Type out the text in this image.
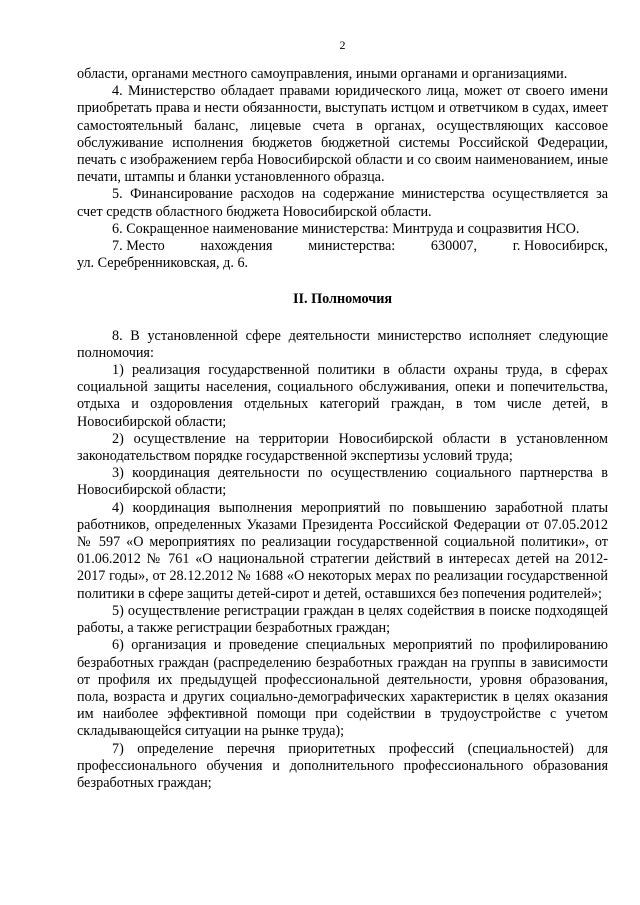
2

области, органами местного самоуправления, иными органами и организациями.

4. Министерство обладает правами юридического лица, может от своего имени приобретать права и нести обязанности, выступать истцом и ответчиком в судах, имеет самостоятельный баланс, лицевые счета в органах, осуществляющих кассовое обслуживание исполнения бюджетов бюджетной системы Российской Федерации, печать с изображением герба Новосибирской области и со своим наименованием, иные печати, штампы и бланки установленного образца.

5. Финансирование расходов на содержание министерства осуществляется за счет средств областного бюджета Новосибирской области.

6. Сокращенное наименование министерства: Минтруда и соцразвития НСО.

7. Место	нахождения	министерства:	630007,	г. Новосибирск,

ул. Серебренниковская, д. 6.

II. Полномочия

8. В установленной сфере деятельности министерство исполняет следующие полномочия:

1) реализация государственной политики в области охраны труда, в сферах социальной защиты населения, социального обслуживания, опеки и попечительства, отдыха и оздоровления отдельных категорий граждан, в том числе детей, в Новосибирской области;

2) осуществление на территории Новосибирской области в установленном законодательством порядке государственной экспертизы условий труда;

3) координация деятельности по осуществлению социального партнерства в Новосибирской области;

4) координация выполнения мероприятий по повышению заработной платы работников, определенных Указами Президента Российской Федерации от 07.05.2012 № 597 «О мероприятиях по реализации государственной социальной политики», от 01.06.2012 № 761 «О национальной стратегии действий в интересах детей на 2012-2017 годы», от 28.12.2012 № 1688 «О некоторых мерах по реализации государственной политики в сфере защиты детей-сирот и детей, оставшихся без попечения родителей»;

5) осуществление регистрации граждан в целях содействия в поиске подходящей работы, а также регистрации безработных граждан;

6) организация и проведение специальных мероприятий по профилированию безработных граждан (распределению безработных граждан на группы в зависимости от профиля их предыдущей профессиональной деятельности, уровня образования, пола, возраста и других социально-демографических характеристик в целях оказания им наиболее эффективной помощи при содействии в трудоустройстве с учетом складывающейся ситуации на рынке труда);

7) определение перечня приоритетных профессий (специальностей) для профессионального обучения и дополнительного профессионального образования безработных граждан;
